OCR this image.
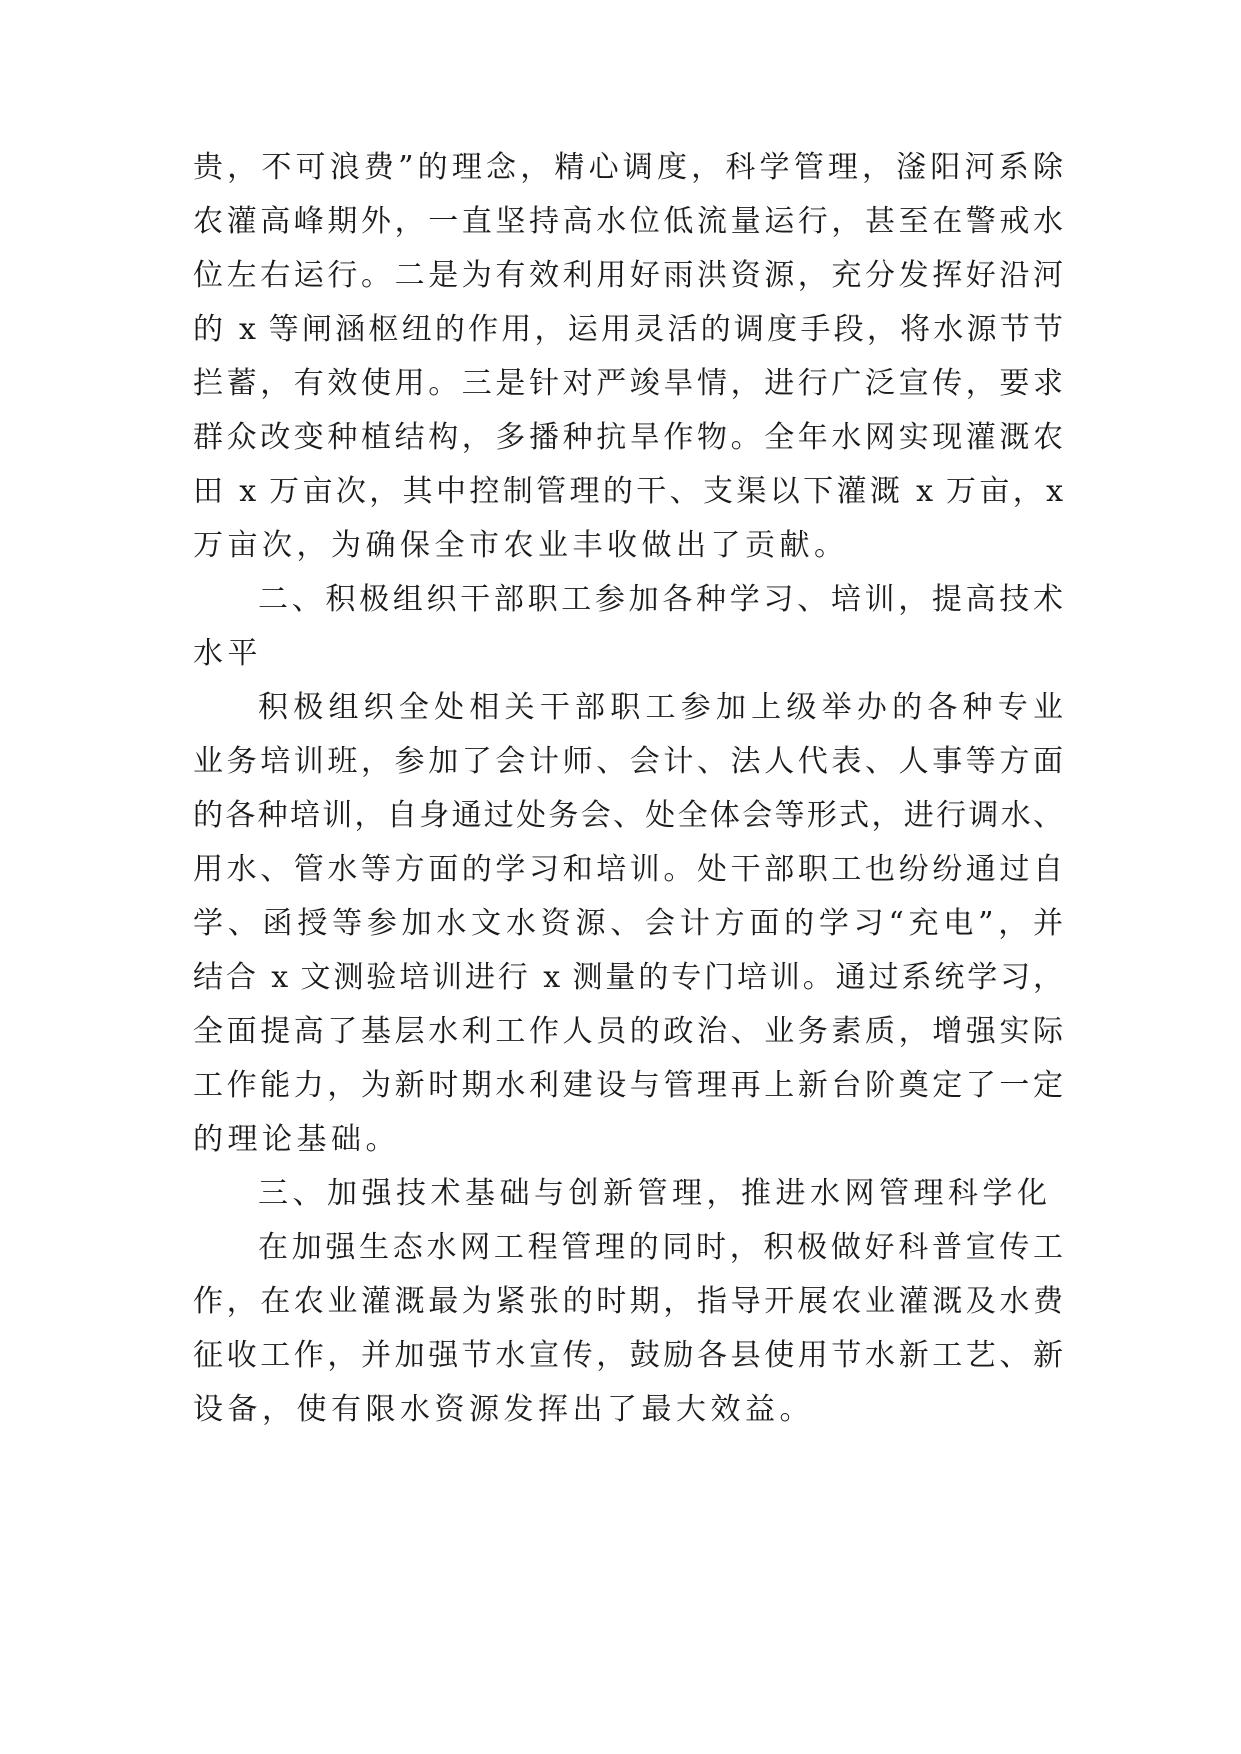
贵，不可浪费”的理念，精心调度，科学管理，滏阳河系除
农灌高峰期外，一直坚持高水位低流量运行，甚至在警戒水
位左右运行。二是为有效利用好雨洪资源，充分发挥好沿河
的 x 等闸涵枢纽的作用，运用灵活的调度手段，将水源节节
拦蓄，有效使用。三是针对严竣旱情，进行广泛宣传，要求
群众改变种植结构，多播种抗旱作物。全年水网实现灌溉农
田 x 万亩次，其中控制管理的干、支渠以下灌溉 x 万亩，x
万亩次，为确保全市农业丰收做出了贡献。
二、积极组织干部职工参加各种学习、培训，提高技术
水平
积极组织全处相关干部职工参加上级举办的各种专业
业务培训班，参加了会计师、会计、法人代表、人事等方面
的各种培训，自身通过处务会、处全体会等形式，进行调水、
用水、管水等方面的学习和培训。处干部职工也纷纷通过自
学、函授等参加水文水资源、会计方面的学习“充电”，并
结合 x 文测验培训进行 x 测量的专门培训。通过系统学习，
全面提高了基层水利工作人员的政治、业务素质，增强实际
工作能力，为新时期水利建设与管理再上新台阶奠定了一定
的理论基础。
三、加强技术基础与创新管理，推进水网管理科学化
在加强生态水网工程管理的同时，积极做好科普宣传工
作，在农业灌溉最为紧张的时期，指导开展农业灌溉及水费
征收工作，并加强节水宣传，鼓励各县使用节水新工艺、新
设备，使有限水资源发挥出了最大效益。
